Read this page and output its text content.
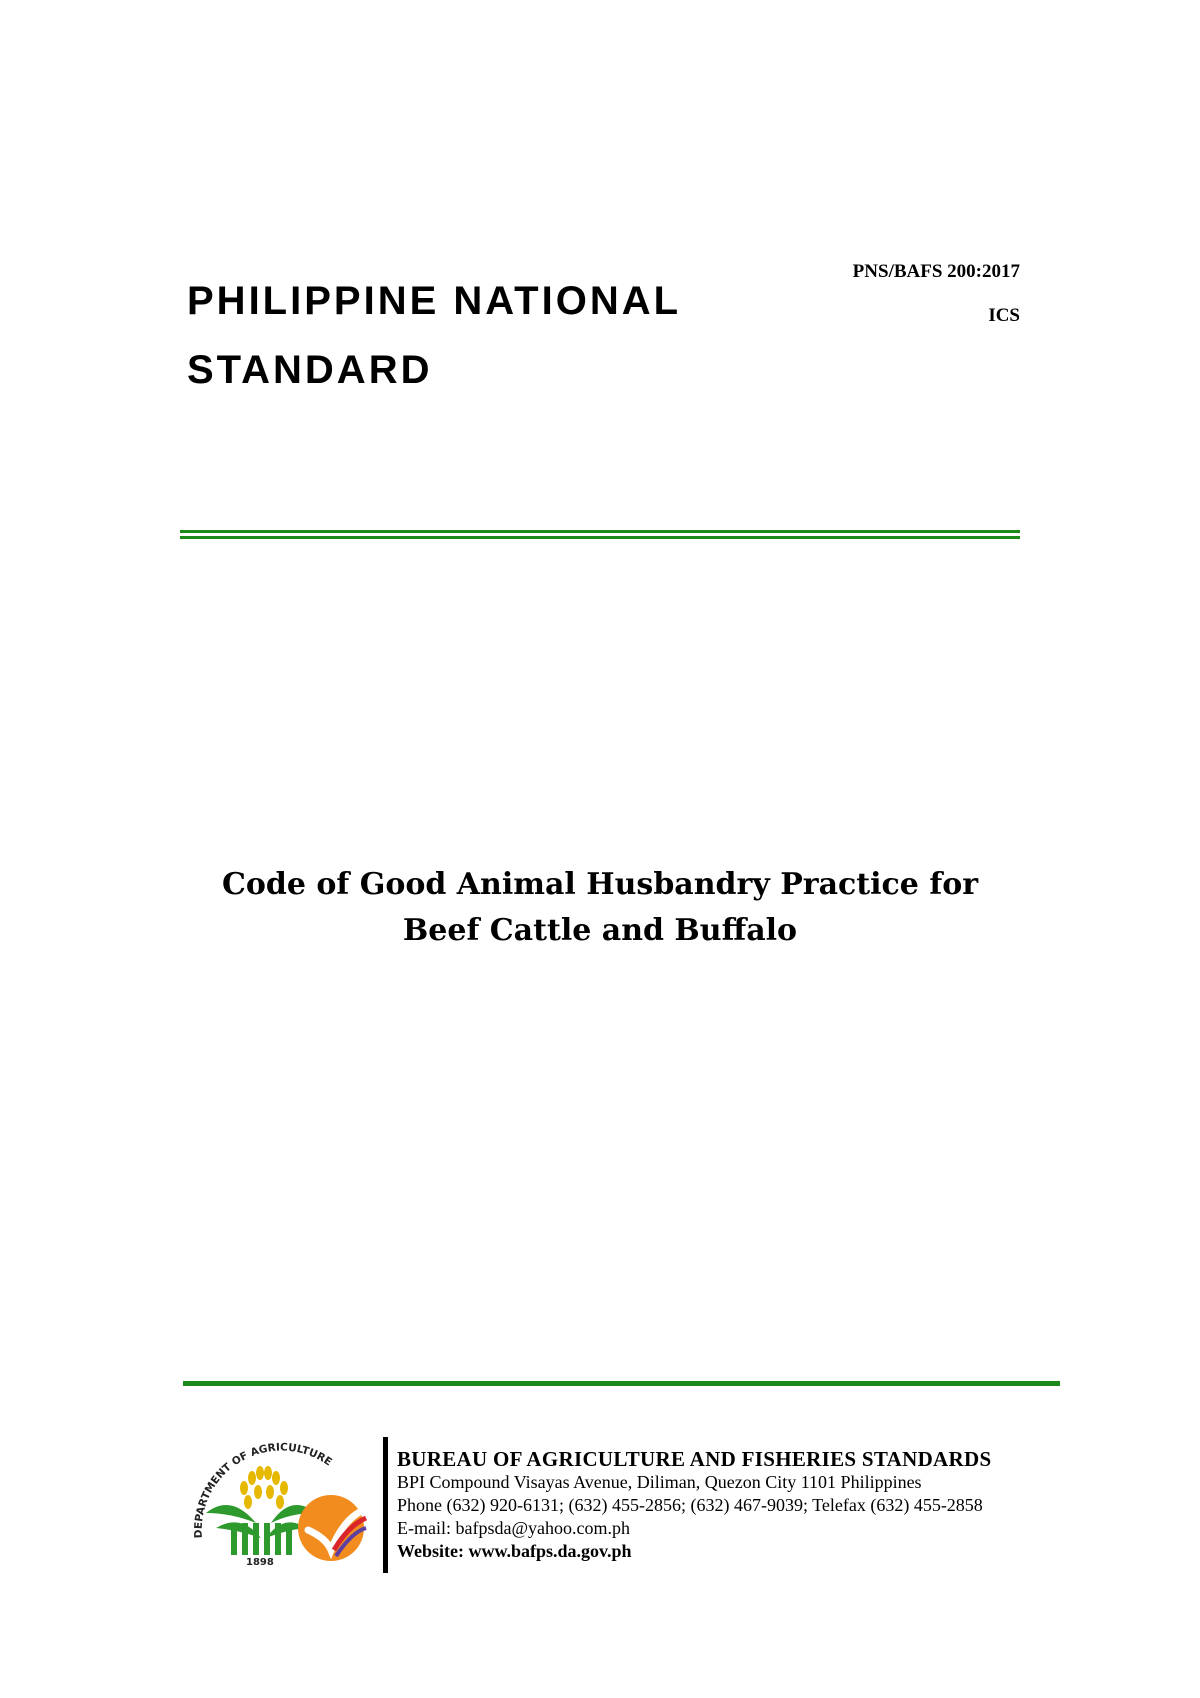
PHILIPPINE NATIONAL
STANDARD
PNS/BAFS 200:2017
ICS
Code of Good Animal Husbandry Practice for
Beef Cattle and Buffalo
DEPARTMENT OF AGRICULTURE
1898
BUREAU OF AGRICULTURE AND FISHERIES STANDARDS
BPI Compound Visayas Avenue, Diliman, Quezon City 1101 Philippines
Phone (632) 920-6131; (632) 455-2856; (632) 467-9039; Telefax (632) 455-2858
E-mail: bafpsda@yahoo.com.ph
Website: www.bafps.da.gov.ph
